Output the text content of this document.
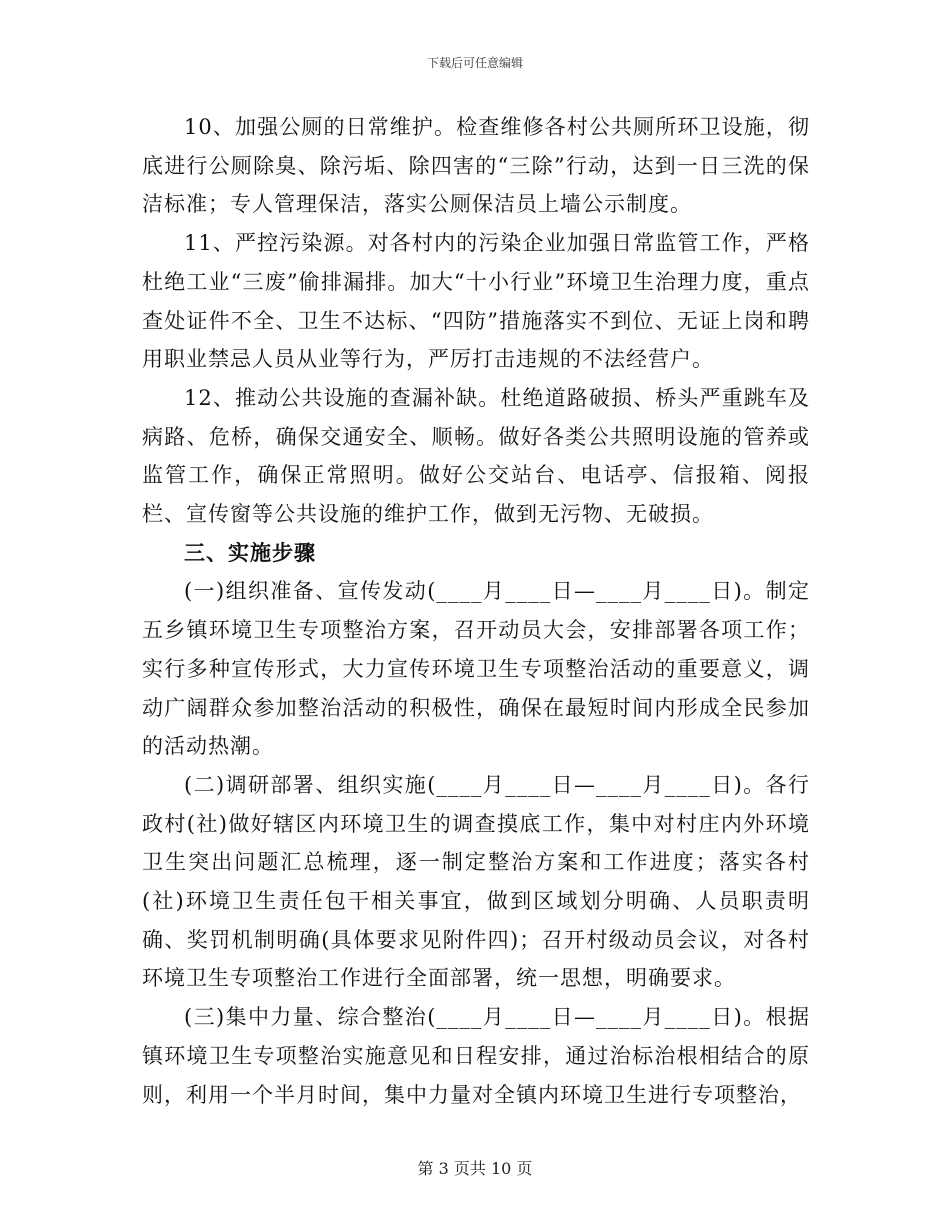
下载后可任意编辑

10、加强公厕的日常维护。检查维修各村公共厕所环卫设施，彻底进行公厕除臭、除污垢、除四害的“三除”行动，达到一日三洗的保洁标准；专人管理保洁，落实公厕保洁员上墙公示制度。

11、严控污染源。对各村内的污染企业加强日常监管工作，严格杜绝工业“三废”偷排漏排。加大“十小行业”环境卫生治理力度，重点查处证件不全、卫生不达标、“四防”措施落实不到位、无证上岗和聘用职业禁忌人员从业等行为，严厉打击违规的不法经营户。

12、推动公共设施的查漏补缺。杜绝道路破损、桥头严重跳车及病路、危桥，确保交通安全、顺畅。做好各类公共照明设施的管养或监管工作，确保正常照明。做好公交站台、电话亭、信报箱、阅报栏、宣传窗等公共设施的维护工作，做到无污物、无破损。

三、实施步骤

(一)组织准备、宣传发动(____月____日—____月____日)。制定五乡镇环境卫生专项整治方案，召开动员大会，安排部署各项工作；实行多种宣传形式，大力宣传环境卫生专项整治活动的重要意义，调动广阔群众参加整治活动的积极性，确保在最短时间内形成全民参加的活动热潮。

(二)调研部署、组织实施(____月____日—____月____日)。各行政村(社)做好辖区内环境卫生的调查摸底工作，集中对村庄内外环境卫生突出问题汇总梳理，逐一制定整治方案和工作进度；落实各村(社)环境卫生责任包干相关事宜，做到区域划分明确、人员职责明确、奖罚机制明确(具体要求见附件四)；召开村级动员会议，对各村环境卫生专项整治工作进行全面部署，统一思想，明确要求。

(三)集中力量、综合整治(____月____日—____月____日)。根据镇环境卫生专项整治实施意见和日程安排，通过治标治根相结合的原则，利用一个半月时间，集中力量对全镇内环境卫生进行专项整治，

第 3 页共 10 页
